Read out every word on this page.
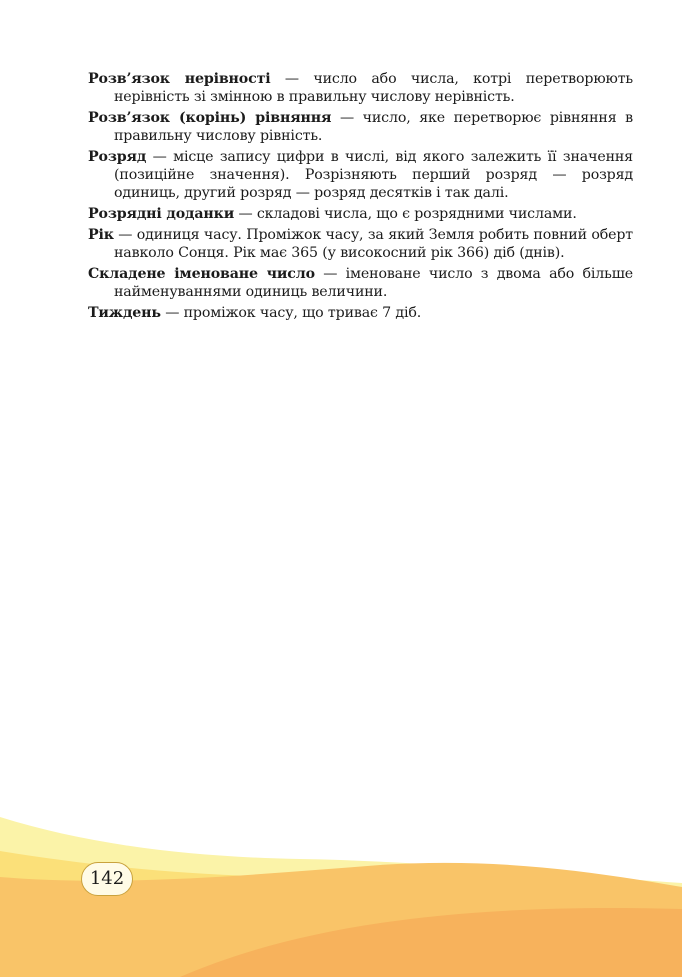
Розв’язок нерівності — число або числа, котрі перетворюють нерівність зі змінною в правильну числову нерівність.

Розв’язок (корінь) рівняння — число, яке перетворює рівняння в правильну числову рівність.

Розряд — місце запису цифри в числі, від якого залежить її значення (позиційне значення). Розрізняють перший розряд — розряд одиниць, другий розряд — розряд десятків і так далі.

Розрядні доданки — складові числа, що є розрядними числами.

Рік — одиниця часу. Проміжок часу, за який Земля робить повний оберт навколо Сонця. Рік має 365 (у високосний рік 366) діб (днів).

Складене іменоване число — іменоване число з двома або більше найменуваннями одиниць величини.

Тиждень — проміжок часу, що триває 7 діб.

142
